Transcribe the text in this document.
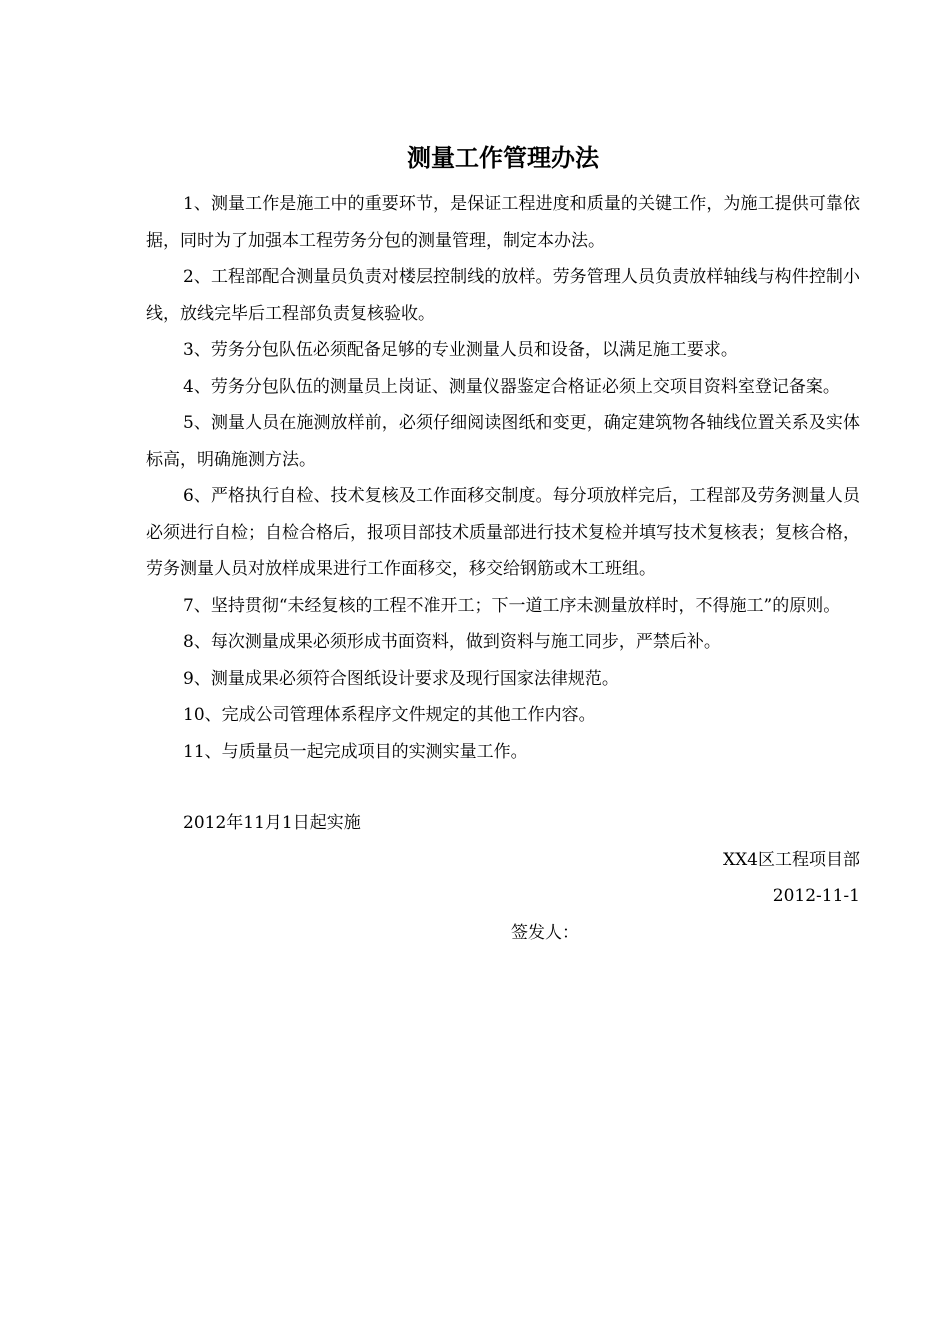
测量工作管理办法

1、测量工作是施工中的重要环节，是保证工程进度和质量的关键工作，为施工提供可靠依据，同时为了加强本工程劳务分包的测量管理，制定本办法。

2、工程部配合测量员负责对楼层控制线的放样。劳务管理人员负责放样轴线与构件控制小线，放线完毕后工程部负责复核验收。

3、劳务分包队伍必须配备足够的专业测量人员和设备，以满足施工要求。

4、劳务分包队伍的测量员上岗证、测量仪器鉴定合格证必须上交项目资料室登记备案。

5、测量人员在施测放样前，必须仔细阅读图纸和变更，确定建筑物各轴线位置关系及实体标高，明确施测方法。

6、严格执行自检、技术复核及工作面移交制度。每分项放样完后，工程部及劳务测量人员必须进行自检；自检合格后，报项目部技术质量部进行技术复检并填写技术复核表；复核合格，劳务测量人员对放样成果进行工作面移交，移交给钢筋或木工班组。

7、坚持贯彻“未经复核的工程不准开工；下一道工序未测量放样时，不得施工”的原则。

8、每次测量成果必须形成书面资料，做到资料与施工同步，严禁后补。

9、测量成果必须符合图纸设计要求及现行国家法律规范。

10、完成公司管理体系程序文件规定的其他工作内容。

11、与质量员一起完成项目的实测实量工作。

2012年11月1日起实施

XX4区工程项目部

2012-11-1

签发人：
